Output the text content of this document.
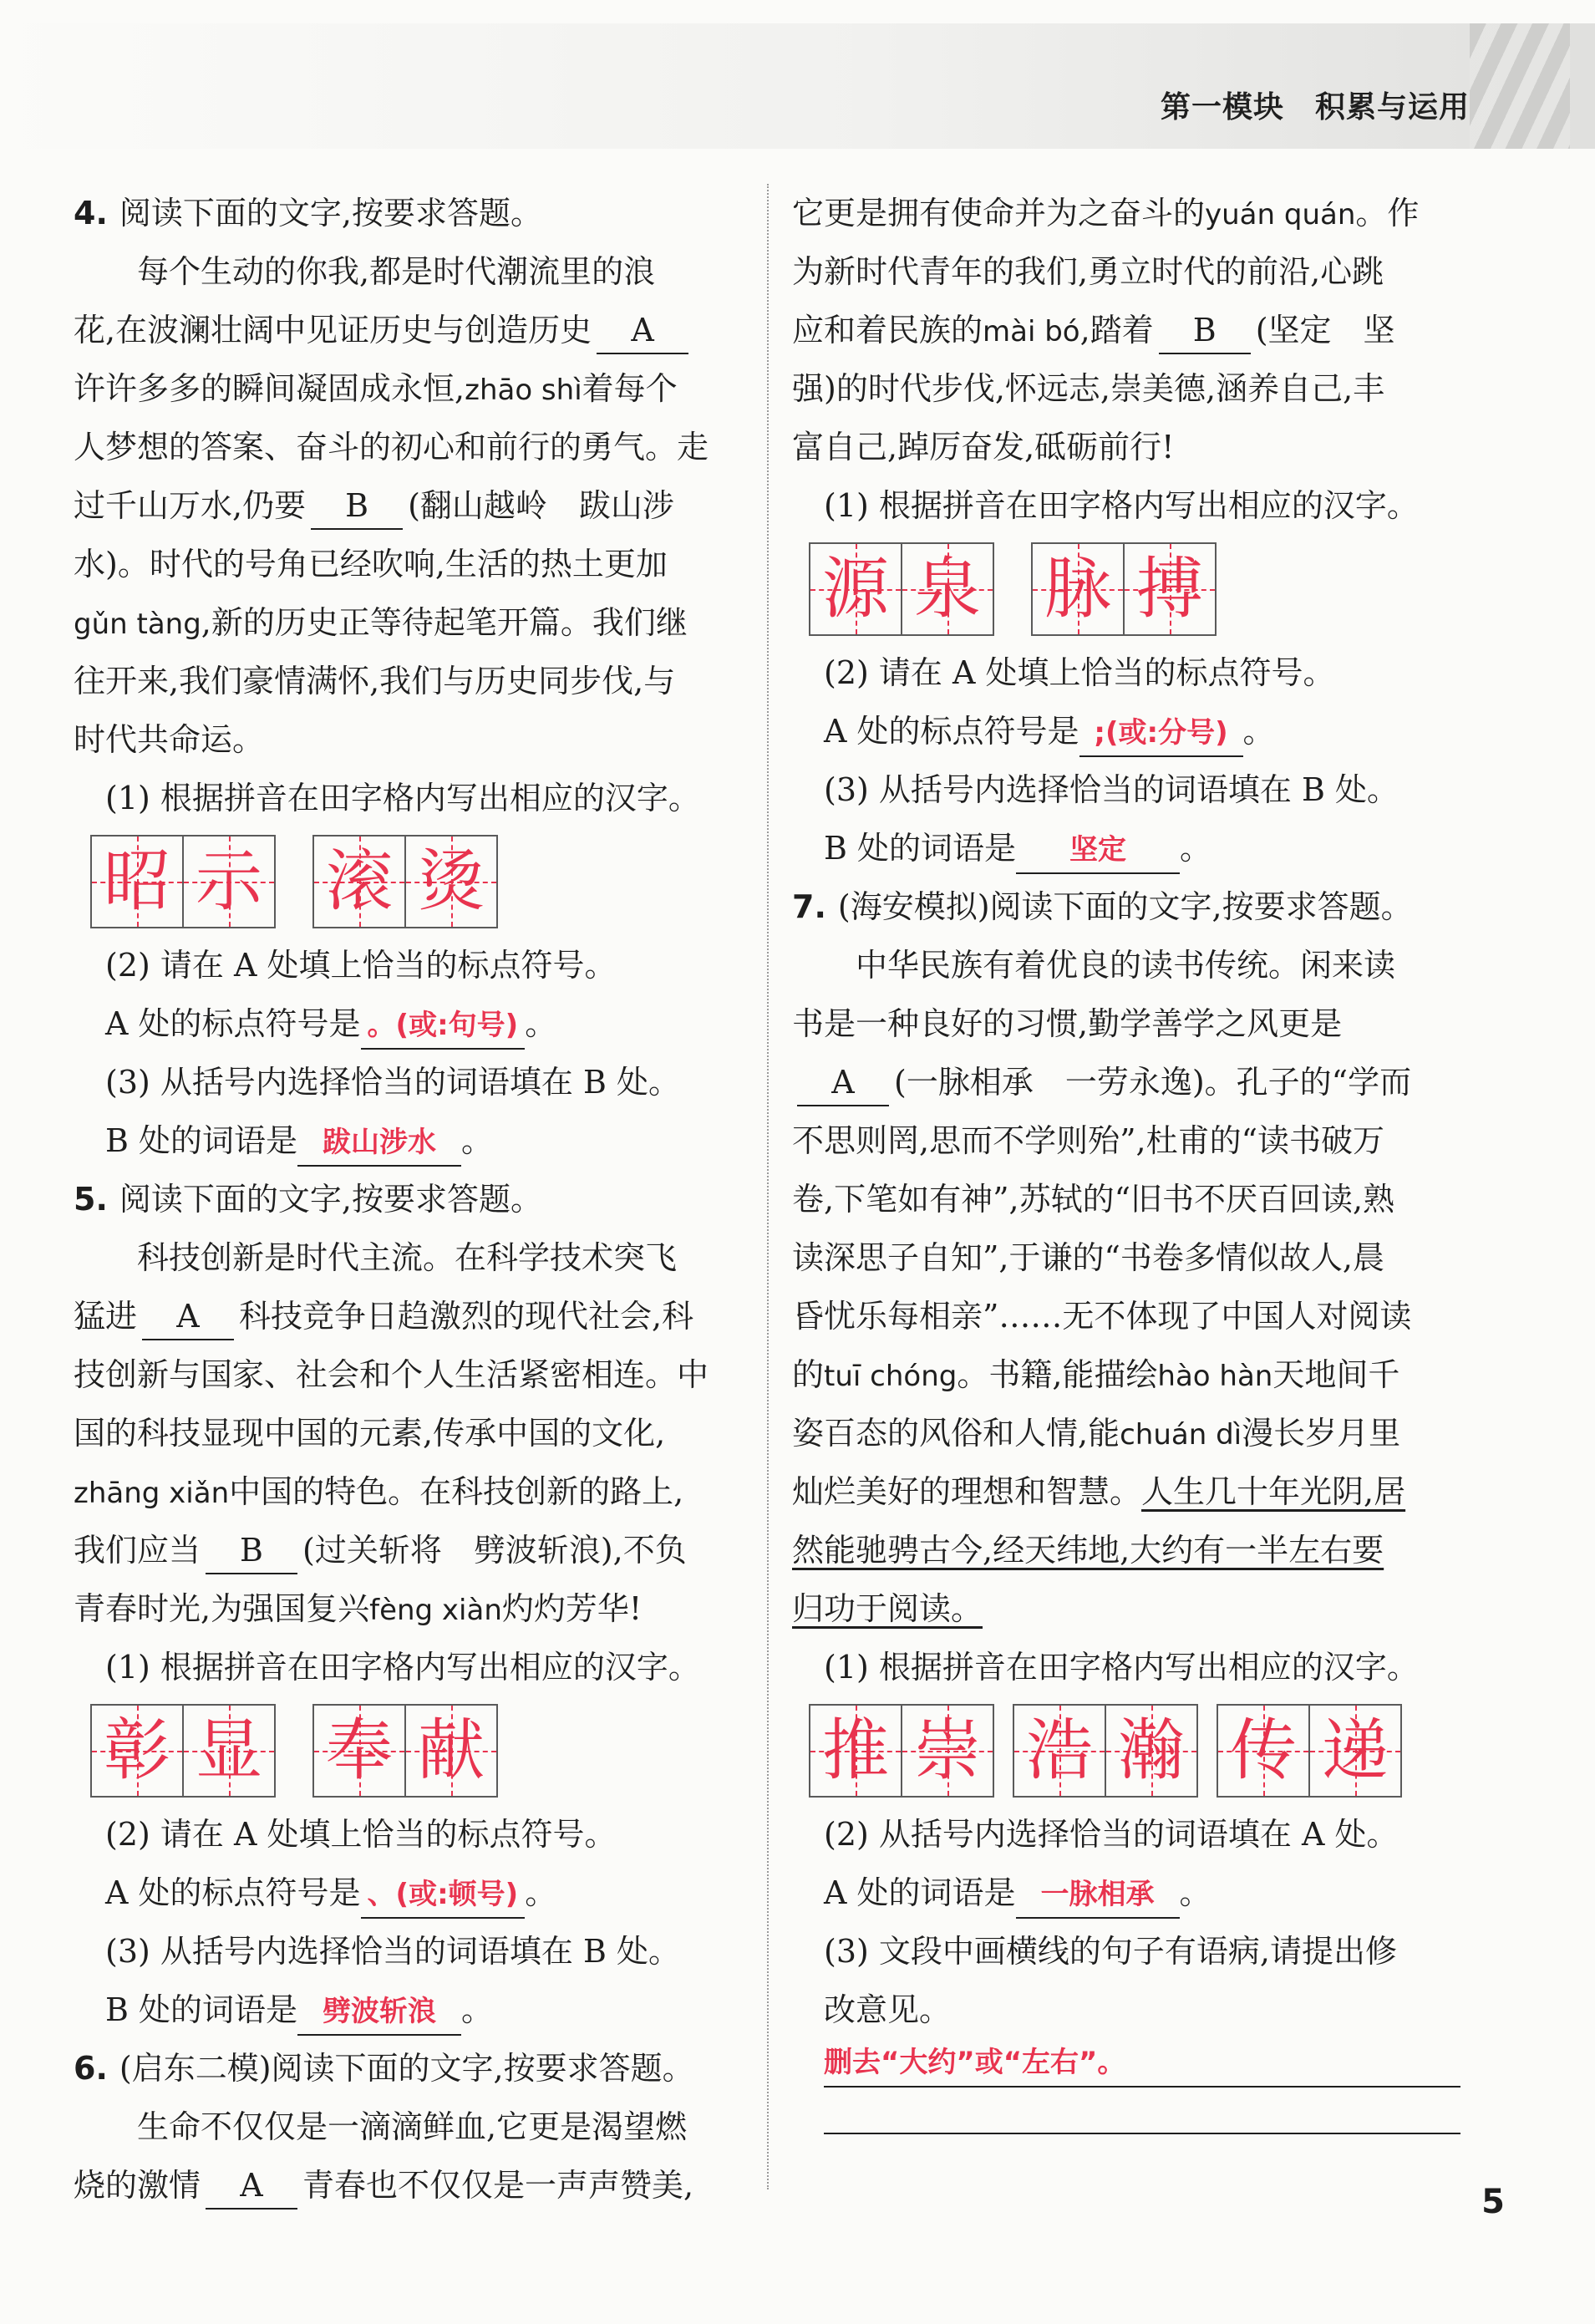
第一模块　积累与运用
4. 阅读下面的文字,按要求答题。
每个生动的你我,都是时代潮流里的浪
花,在波澜壮阔中见证历史与创造历史 A
许许多多的瞬间凝固成永恒,zhāo shì着每个
人梦想的答案、奋斗的初心和前行的勇气。走
过千山万水,仍要 B (翻山越岭　跋山涉
水)。时代的号角已经吹响,生活的热土更加
gǔn tàng,新的历史正等待起笔开篇。我们继
往开来,我们豪情满怀,我们与历史同步伐,与
时代共命运。
(1) 根据拼音在田字格内写出相应的汉字。
昭 示 滚 烫
(2) 请在 A 处填上恰当的标点符号。
A 处的标点符号是 。(或:句号) 。
(3) 从括号内选择恰当的词语填在 B 处。
B 处的词语是 跋山涉水 。
5. 阅读下面的文字,按要求答题。
科技创新是时代主流。在科学技术突飞
猛进 A 科技竞争日趋激烈的现代社会,科
技创新与国家、社会和个人生活紧密相连。中
国的科技显现中国的元素,传承中国的文化,
zhāng xiǎn中国的特色。在科技创新的路上,
我们应当 B (过关斩将　劈波斩浪),不负
青春时光,为强国复兴fèng xiàn灼灼芳华!
(1) 根据拼音在田字格内写出相应的汉字。
彰 显 奉 献
(2) 请在 A 处填上恰当的标点符号。
A 处的标点符号是 、(或:顿号) 。
(3) 从括号内选择恰当的词语填在 B 处。
B 处的词语是 劈波斩浪 。
6. (启东二模)阅读下面的文字,按要求答题。
生命不仅仅是一滴滴鲜血,它更是渴望燃
烧的激情 A 青春也不仅仅是一声声赞美,
它更是拥有使命并为之奋斗的yuán quán。作
为新时代青年的我们,勇立时代的前沿,心跳
应和着民族的mài bó,踏着 B (坚定　坚
强)的时代步伐,怀远志,崇美德,涵养自己,丰
富自己,踔厉奋发,砥砺前行!
(1) 根据拼音在田字格内写出相应的汉字。
源 泉 脉 搏
(2) 请在 A 处填上恰当的标点符号。
A 处的标点符号是 ;(或:分号) 。
(3) 从括号内选择恰当的词语填在 B 处。
B 处的词语是 坚定 。
7. (海安模拟)阅读下面的文字,按要求答题。
中华民族有着优良的读书传统。闲来读
书是一种良好的习惯,勤学善学之风更是
A (一脉相承　一劳永逸)。孔子的“学而
不思则罔,思而不学则殆”,杜甫的“读书破万
卷,下笔如有神”,苏轼的“旧书不厌百回读,熟
读深思子自知”,于谦的“书卷多情似故人,晨
昏忧乐每相亲”……无不体现了中国人对阅读
的tuī chóng。书籍,能描绘hào hàn天地间千
姿百态的风俗和人情,能chuán dì漫长岁月里
灿烂美好的理想和智慧。人生几十年光阴,居
然能驰骋古今,经天纬地,大约有一半左右要
归功于阅读。
(1) 根据拼音在田字格内写出相应的汉字。
推 崇 浩 瀚 传 递
(2) 从括号内选择恰当的词语填在 A 处。
A 处的词语是 一脉相承 。
(3) 文段中画横线的句子有语病,请提出修
改意见。
删去“大约”或“左右”。
5
